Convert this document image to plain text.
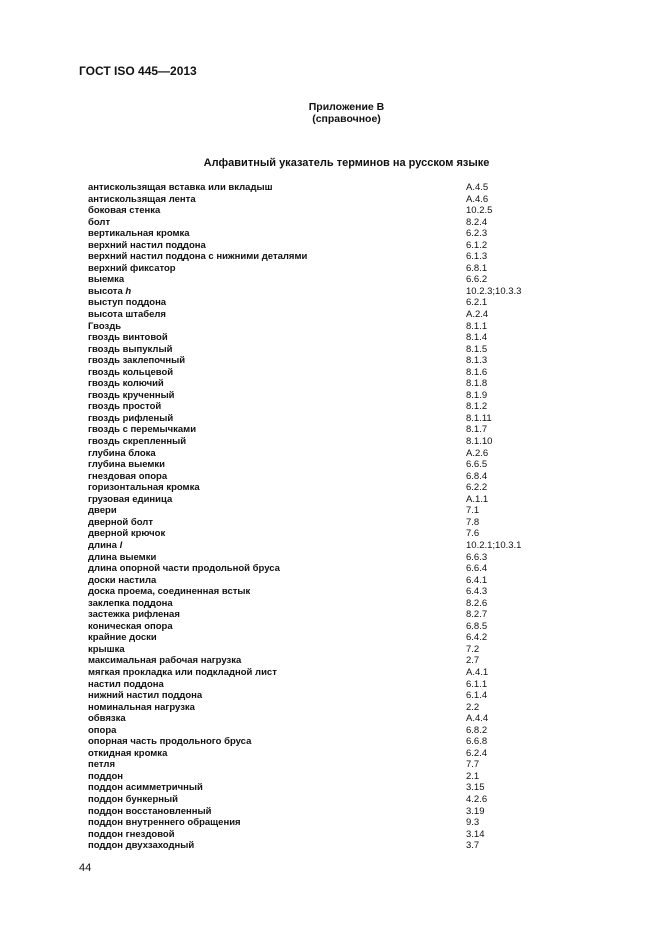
ГОСТ ISO 445—2013
Приложение В
(справочное)
Алфавитный указатель терминов на русском языке
антискользящая вставка или вкладыш	А.4.5
антискользящая лента	А.4.6
боковая стенка	10.2.5
болт	8.2.4
вертикальная кромка	6.2.3
верхний настил поддона	6.1.2
верхний настил поддона с нижними деталями	6.1.3
верхний фиксатор	6.8.1
выемка	6.6.2
высота h	10.2.3;10.3.3
выступ поддона	6.2.1
высота штабеля	А.2.4
Гвоздь	8.1.1
гвоздь винтовой	8.1.4
гвоздь выпуклый	8.1.5
гвоздь заклепочный	8.1.3
гвоздь кольцевой	8.1.6
гвоздь колючий	8.1.8
гвоздь крученный	8.1.9
гвоздь простой	8.1.2
гвоздь рифленый	8.1.11
гвоздь с перемычками	8.1.7
гвоздь скрепленный	8.1.10
глубина блока	А.2.6
глубина выемки	6.6.5
гнездовая опора	6.8.4
горизонтальная кромка	6.2.2
грузовая единица	А.1.1
двери	7.1
дверной болт	7.8
дверной крючок	7.6
длина l	10.2.1;10.3.1
длина выемки	6.6.3
длина опорной части продольной бруса	6.6.4
доски настила	6.4.1
доска проема, соединенная встык	6.4.3
заклепка поддона	8.2.6
застежка рифленая	8.2.7
коническая опора	6.8.5
крайние доски	6.4.2
крышка	7.2
максимальная рабочая нагрузка	2.7
мягкая прокладка или подкладной лист	А.4.1
настил поддона	6.1.1
нижний настил поддона	6.1.4
номинальная нагрузка	2.2
обвязка	А.4.4
опора	6.8.2
опорная часть продольного бруса	6.6.8
откидная кромка	6.2.4
петля	7.7
поддон	2.1
поддон асимметричный	3.15
поддон бункерный	4.2.6
поддон восстановленный	3.19
поддон внутреннего обращения	9.3
поддон гнездовой	3.14
поддон двухзаходный	3.7
44
